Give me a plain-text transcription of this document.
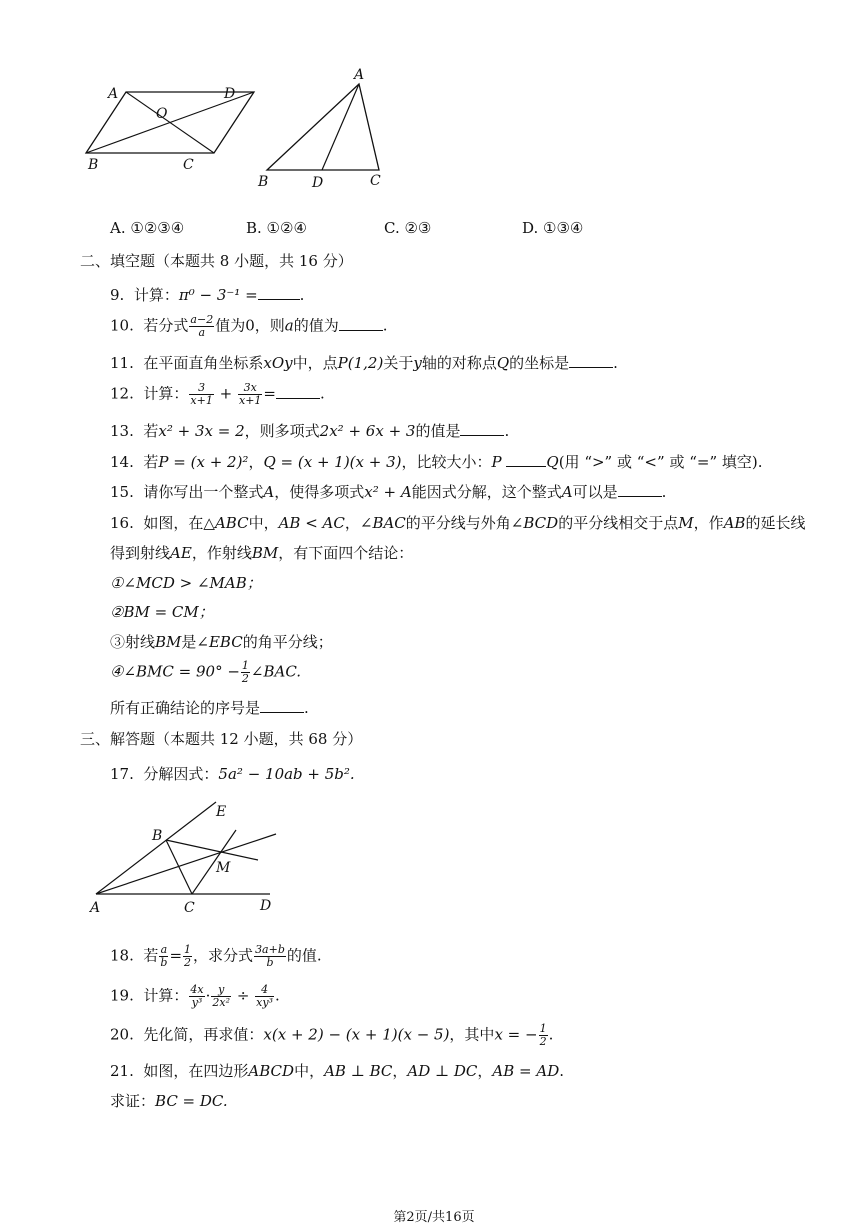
A	D
B	C
O
A
B	D	C
A. ①②③④	B. ①②④	C. ②③	D. ①③④
二、填空题（本题共 8 小题，共 16 分）
9. 计算：π⁰ − 3⁻¹ =	.
10. 若分式 $\frac{a-2}{a}$ 值为0，则a的值为	.
11. 在平面直角坐标系xOy中，点P(1,2)关于y轴的对称点Q的坐标是	.
12. 计算： $\frac{3}{x+1} + \frac{3x}{x+1}$ =	.
13. 若x² + 3x = 2，则多项式2x² + 6x + 3的值是	.
14. 若P = (x + 2)²，Q = (x + 1)(x + 3)，比较大小：P	Q(用 “>” 或 “<” 或 “=” 填空).
15. 请你写出一个整式A，使得多项式x² + A能因式分解，这个整式A可以是	.
16. 如图，在△ABC中，AB < AC，∠BAC的平分线与外角∠BCD的平分线相交于点M，作AB的延长线
得到射线AE，作射线BM，有下面四个结论：
①∠MCD > ∠MAB；
②BM = CM；
③射线BM是∠EBC的角平分线；
④∠BMC = $90^\circ - \frac{1}{2}$ ∠BAC.
所有正确结论的序号是	.
三、解答题（本题共 12 小题，共 68 分）
17. 分解因式：5a² − 10ab + 5b².
E
B
M
A	C	D
18. 若 $\frac{a}{b} = \frac{1}{2}$ ，求分式 $\frac{3a+b}{b}$ 的值.
19. 计算： $\frac{4x}{\text{y³}} \cdot \frac{y}{\text{2x²}} \div \frac{4}{\text{xy³}}$ .
20. 先化简，再求值：x(x + 2) − (x + 1)(x − 5)，其中x = − $\frac{1}{2}$ .
21. 如图，在四边形ABCD中，AB ⊥ BC，AD ⊥ DC，AB = AD.
求证：BC = DC.
第2页/共16页
